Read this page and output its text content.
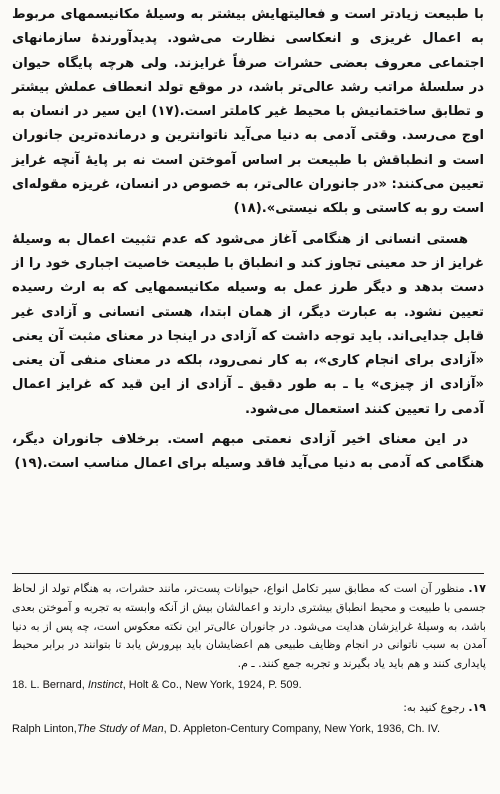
با طبیعت زیادتر است و فعالیتهایش بیشتر به وسیلهٔ مکانیسمهای مربوط به اعمال غریزی و انعکاسی نظارت می‌شود. پدیدآورندهٔ سازمانهای اجتماعی معروف بعضی حشرات صرفاً غرایزند. ولی هرچه پایگاه حیوان در سلسلهٔ مراتب رشد عالی‌تر باشد، در موقع تولد انعطاف عملش بیشتر و تطابق ساختمانیش با محیط غیر کاملتر است.(۱۷) این سیر در انسان به اوج می‌رسد. وقتی آدمی به دنیا می‌آید ناتوانترین و درمانده‌ترین جانوران است و انطباقش با طبیعت بر اساس آموختن است نه بر پایهٔ آنچه غرایز تعیین می‌کنند: «در جانوران عالی‌تر، به خصوص در انسان، غریزه مقوله‌ای است رو به کاستی و بلکه نیستی».(۱۸)

هستی انسانی از هنگامی آغاز می‌شود که عدم تثبیت اعمال به وسیلهٔ غرایز از حد معینی تجاوز کند و انطباق با طبیعت خاصیت اجباری خود را از دست بدهد و دیگر طرز عمل به وسیله مکانیسمهایی که به ارث رسیده تعیین نشود. به عبارت دیگر، از همان ابتدا، هستی انسانی و آزادی غیر قابل جدایی‌اند. باید توجه داشت که آزادی در اینجا در معنای مثبت آن یعنی «آزادی برای انجام کاری»، به کار نمی‌رود، بلکه در معنای منفی آن یعنی «آزادی از چیزی» یا ـ به طور دقیق ـ آزادی از این قید که غرایز اعمال آدمی را تعیین کنند استعمال می‌شود.

در این معنای اخیر آزادی نعمتی مبهم است. برخلاف جانوران دیگر، هنگامی که آدمی به دنیا می‌آید فاقد وسیله برای اعمال مناسب است.(۱۹)

۱۷. منظور آن است که مطابق سیر تکامل انواع، حیوانات پست‌تر، مانند حشرات، به هنگام تولد از لحاظ جسمی با طبیعت و محیط انطباق بیشتری دارند و اعمالشان بیش از آنکه وابسته به تجربه و آموختن بعدی باشد، به وسیلهٔ غرایزشان هدایت می‌شود. در جانوران عالی‌تر این نکته معکوس است، چه پس از به دنیا آمدن به سبب ناتوانی در انجام وظایف طبیعی هم اعضایشان باید بپرورش یابد تا بتوانند در برابر محیط پایداری کنند و هم باید یاد بگیرند و تجربه جمع کنند. ـ م.

18. L. Bernard, Instinct, Holt & Co., New York, 1924, P. 509.

۱۹. رجوع کنید به:

Ralph Linton,The Study of Man, D. Appleton-Century Company, New York, 1936, Ch. IV.
